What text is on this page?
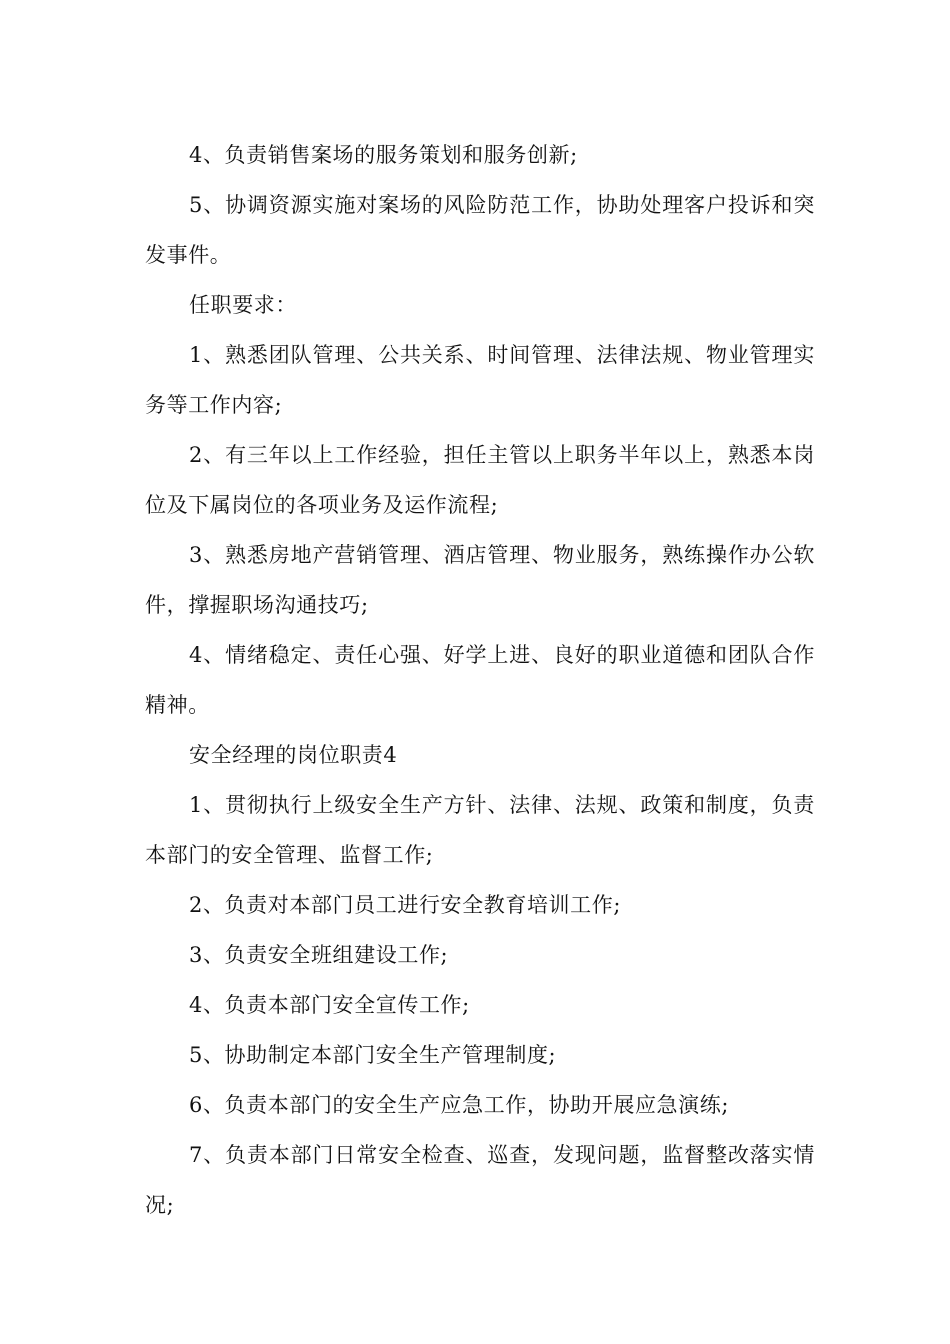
4、负责销售案场的服务策划和服务创新;

5、协调资源实施对案场的风险防范工作，协助处理客户投诉和突发事件。

任职要求：

1、熟悉团队管理、公共关系、时间管理、法律法规、物业管理实务等工作内容;

2、有三年以上工作经验，担任主管以上职务半年以上，熟悉本岗位及下属岗位的各项业务及运作流程;

3、熟悉房地产营销管理、酒店管理、物业服务，熟练操作办公软件，撑握职场沟通技巧;

4、情绪稳定、责任心强、好学上进、良好的职业道德和团队合作精神。

安全经理的岗位职责4

1、贯彻执行上级安全生产方针、法律、法规、政策和制度，负责本部门的安全管理、监督工作;

2、负责对本部门员工进行安全教育培训工作;

3、负责安全班组建设工作;

4、负责本部门安全宣传工作;

5、协助制定本部门安全生产管理制度;

6、负责本部门的安全生产应急工作，协助开展应急演练;

7、负责本部门日常安全检查、巡查，发现问题，监督整改落实情况;
